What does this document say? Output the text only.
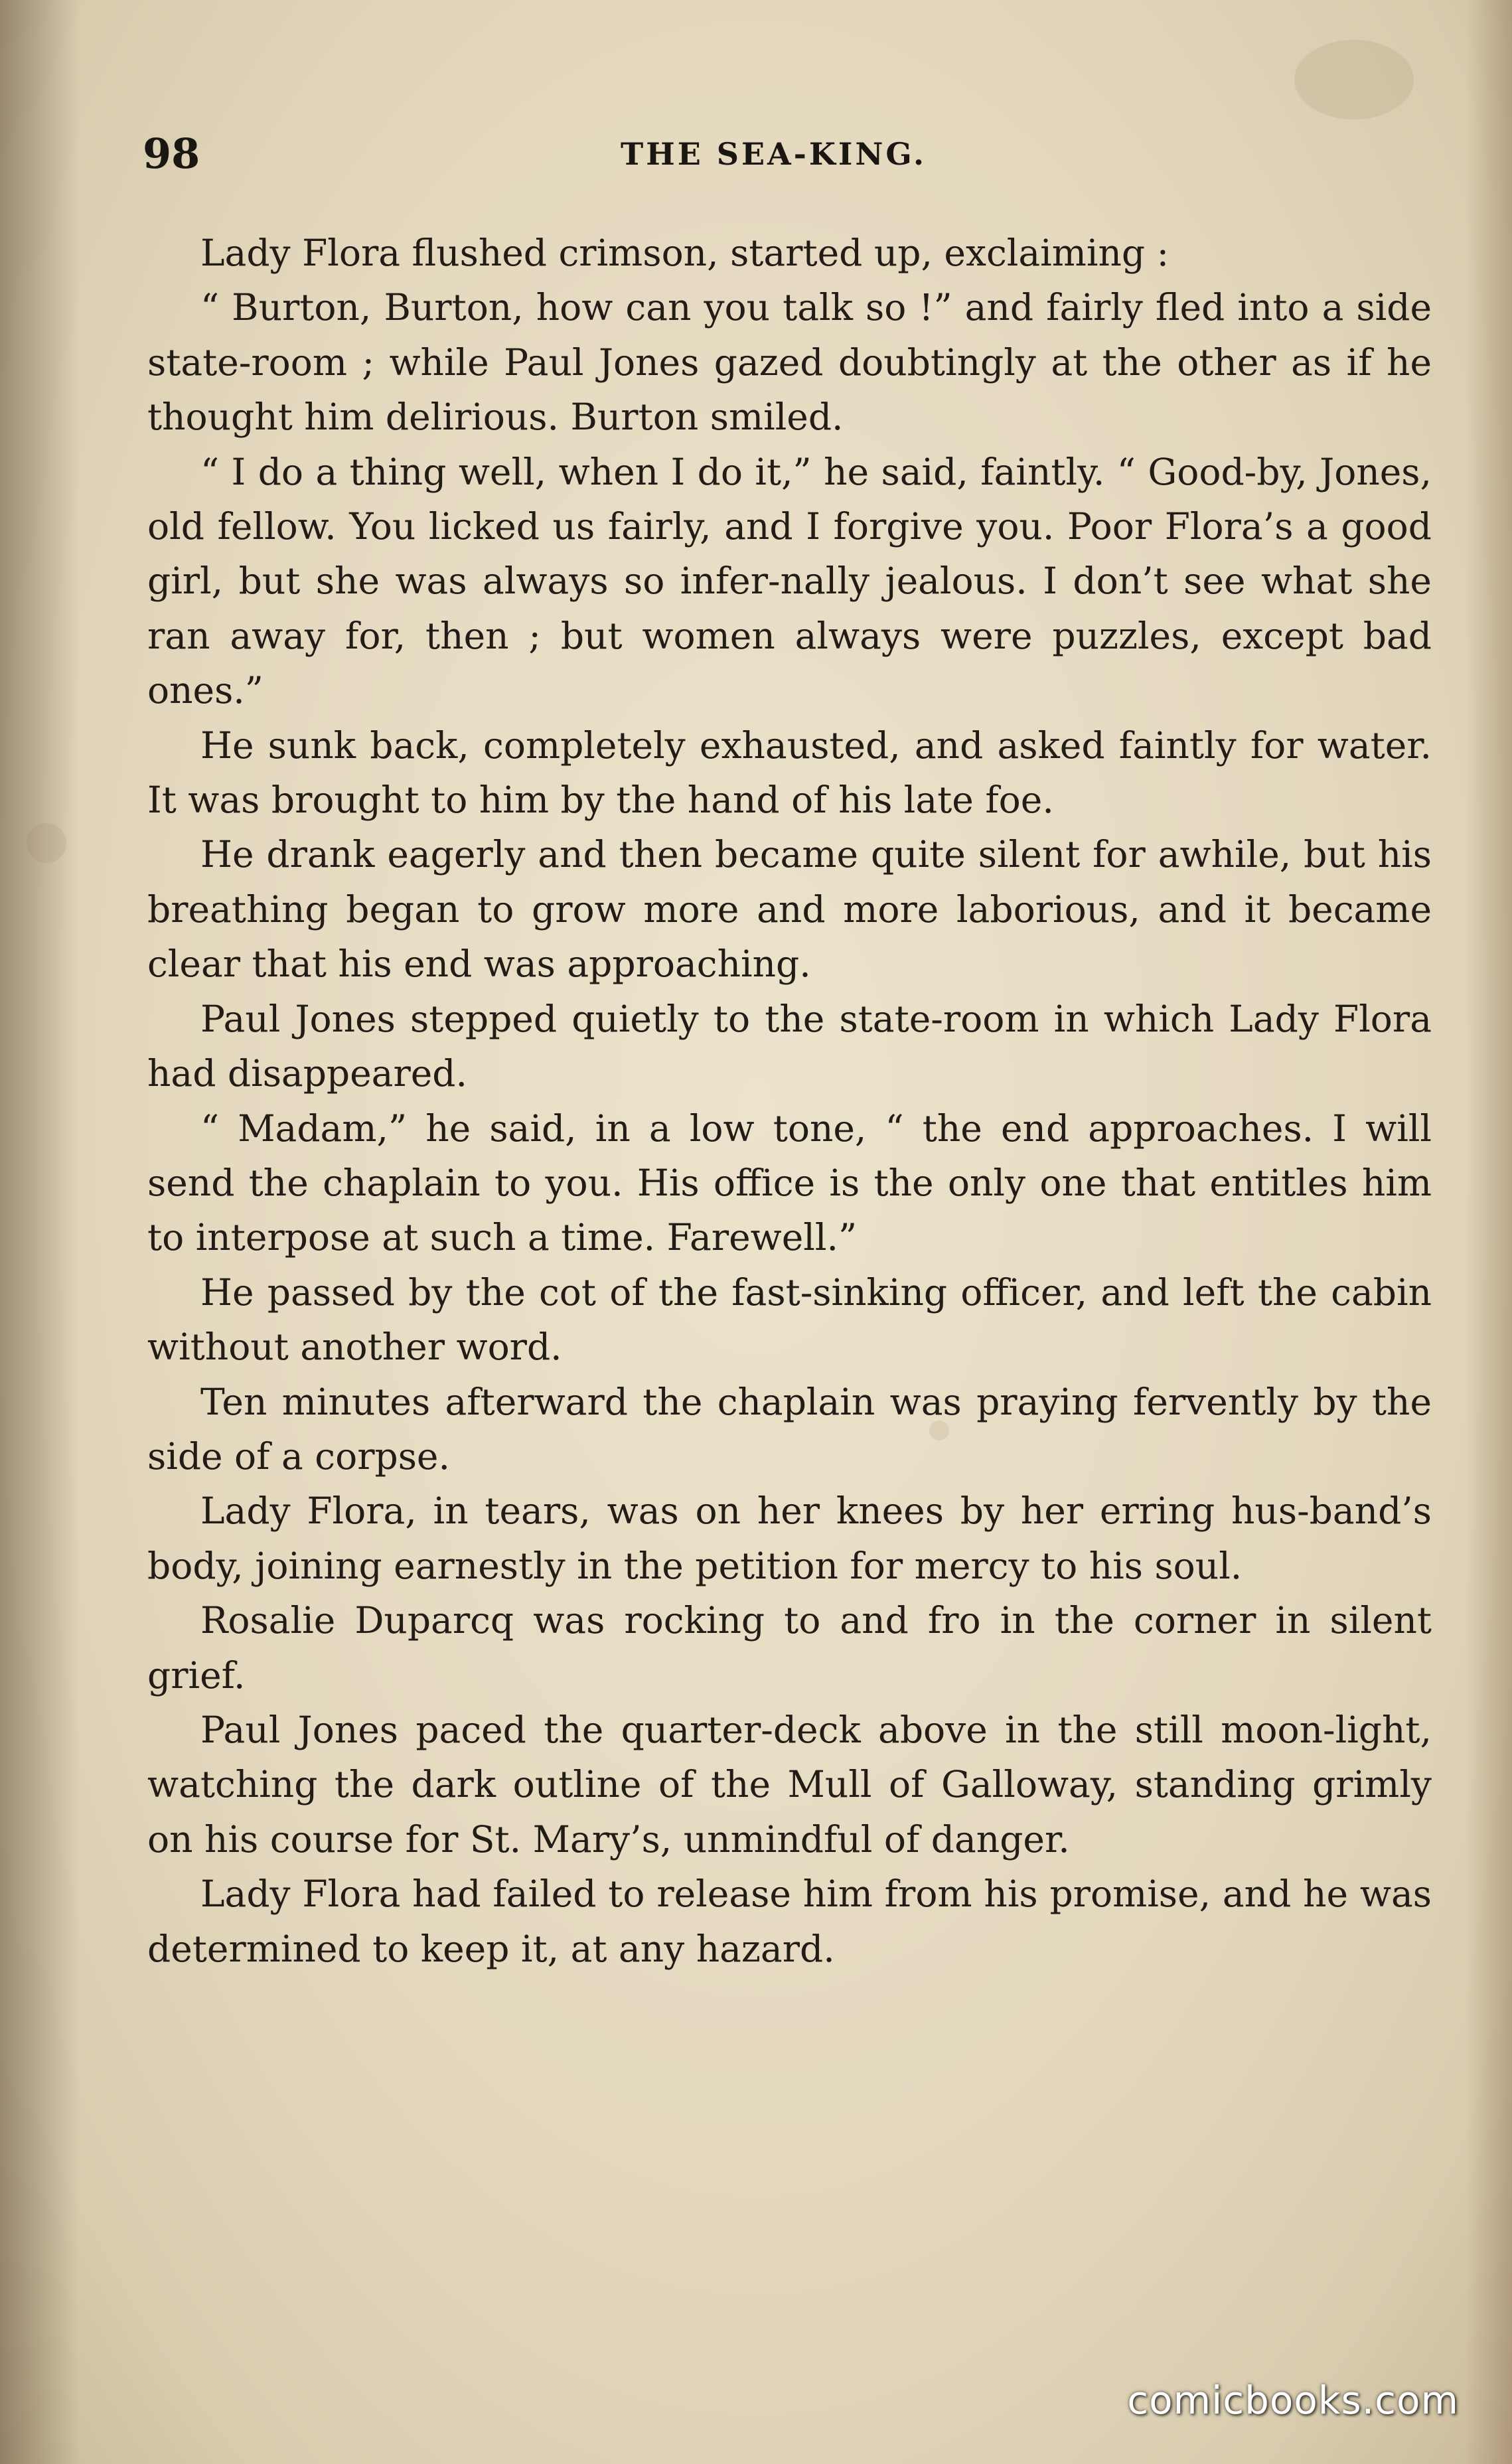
98	THE SEA-KING.

Lady Flora flushed crimson, started up, exclaiming :

“ Burton, Burton, how can you talk so !” and fairly fled into a side state-room ; while Paul Jones gazed doubtingly at the other as if he thought him delirious. Burton smiled.

“ I do a thing well, when I do it,” he said, faintly. “ Good-by, Jones, old fellow. You licked us fairly, and I forgive you. Poor Flora’s a good girl, but she was always so infer-nally jealous. I don’t see what she ran away for, then ; but women always were puzzles, except bad ones.”

He sunk back, completely exhausted, and asked faintly for water. It was brought to him by the hand of his late foe.

He drank eagerly and then became quite silent for awhile, but his breathing began to grow more and more laborious, and it became clear that his end was approaching.

Paul Jones stepped quietly to the state-room in which Lady Flora had disappeared.

“ Madam,” he said, in a low tone, “ the end approaches. I will send the chaplain to you. His office is the only one that entitles him to interpose at such a time. Farewell.”

He passed by the cot of the fast-sinking officer, and left the cabin without another word.

Ten minutes afterward the chaplain was praying fervently by the side of a corpse.

Lady Flora, in tears, was on her knees by her erring hus-band’s body, joining earnestly in the petition for mercy to his soul.

Rosalie Duparcq was rocking to and fro in the corner in silent grief.

Paul Jones paced the quarter-deck above in the still moon-light, watching the dark outline of the Mull of Galloway, standing grimly on his course for St. Mary’s, unmindful of danger.

Lady Flora had failed to release him from his promise, and he was determined to keep it, at any hazard.

comicbooks.com
